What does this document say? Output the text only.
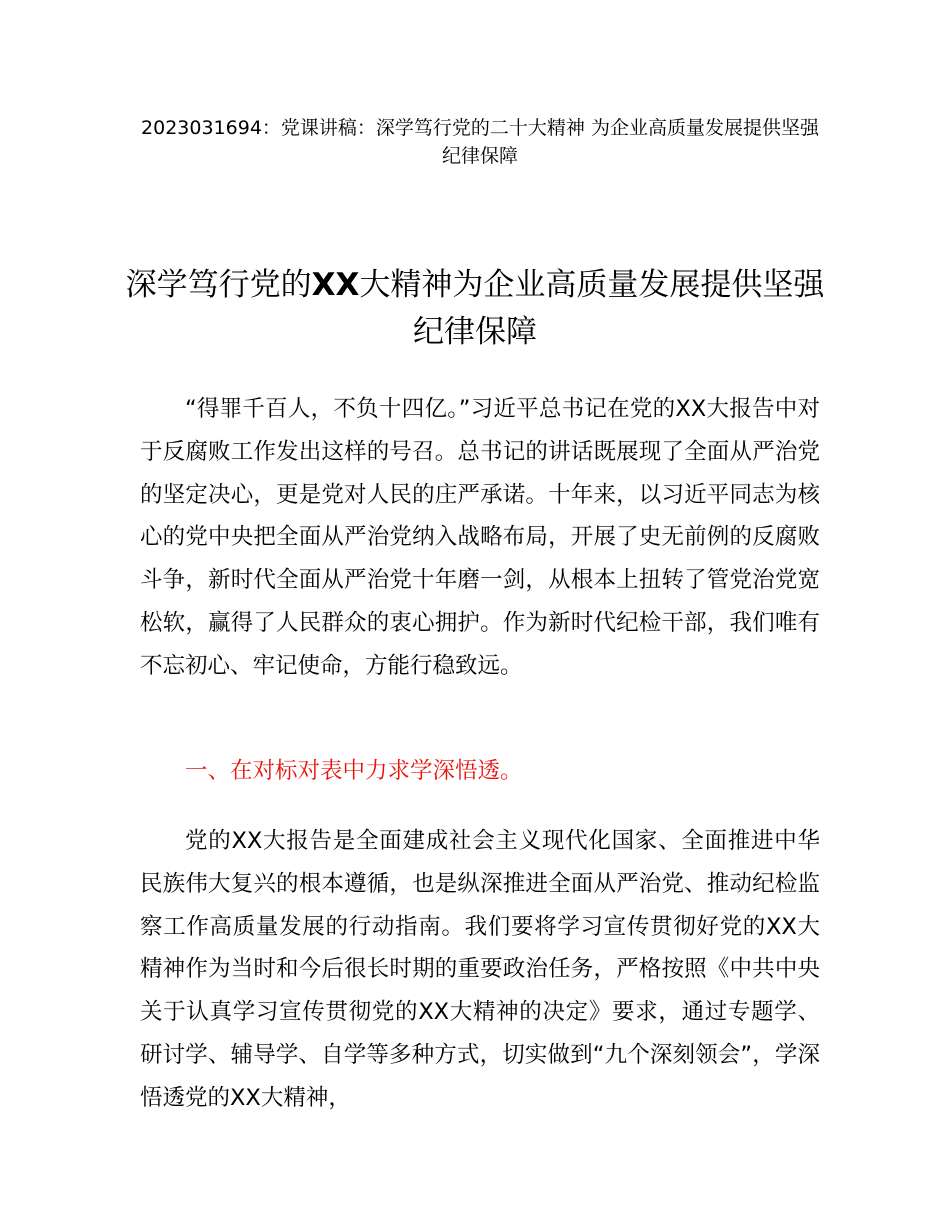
2023031694：党课讲稿：深学笃行党的二十大精神 为企业高质量发展提供坚强纪律保障

深学笃行党的XX大精神为企业高质量发展提供坚强纪律保障

“得罪千百人，不负十四亿。”习近平总书记在党的XX大报告中对于反腐败工作发出这样的号召。总书记的讲话既展现了全面从严治党的坚定决心，更是党对人民的庄严承诺。十年来，以习近平同志为核心的党中央把全面从严治党纳入战略布局，开展了史无前例的反腐败斗争，新时代全面从严治党十年磨一剑，从根本上扭转了管党治党宽松软，赢得了人民群众的衷心拥护。作为新时代纪检干部，我们唯有不忘初心、牢记使命，方能行稳致远。

一、在对标对表中力求学深悟透。

党的XX大报告是全面建成社会主义现代化国家、全面推进中华民族伟大复兴的根本遵循，也是纵深推进全面从严治党、推动纪检监察工作高质量发展的行动指南。我们要将学习宣传贯彻好党的XX大精神作为当时和今后很长时期的重要政治任务，严格按照《中共中央关于认真学习宣传贯彻党的XX大精神的决定》要求，通过专题学、研讨学、辅导学、自学等多种方式，切实做到“九个深刻领会”，学深悟透党的XX大精神，
